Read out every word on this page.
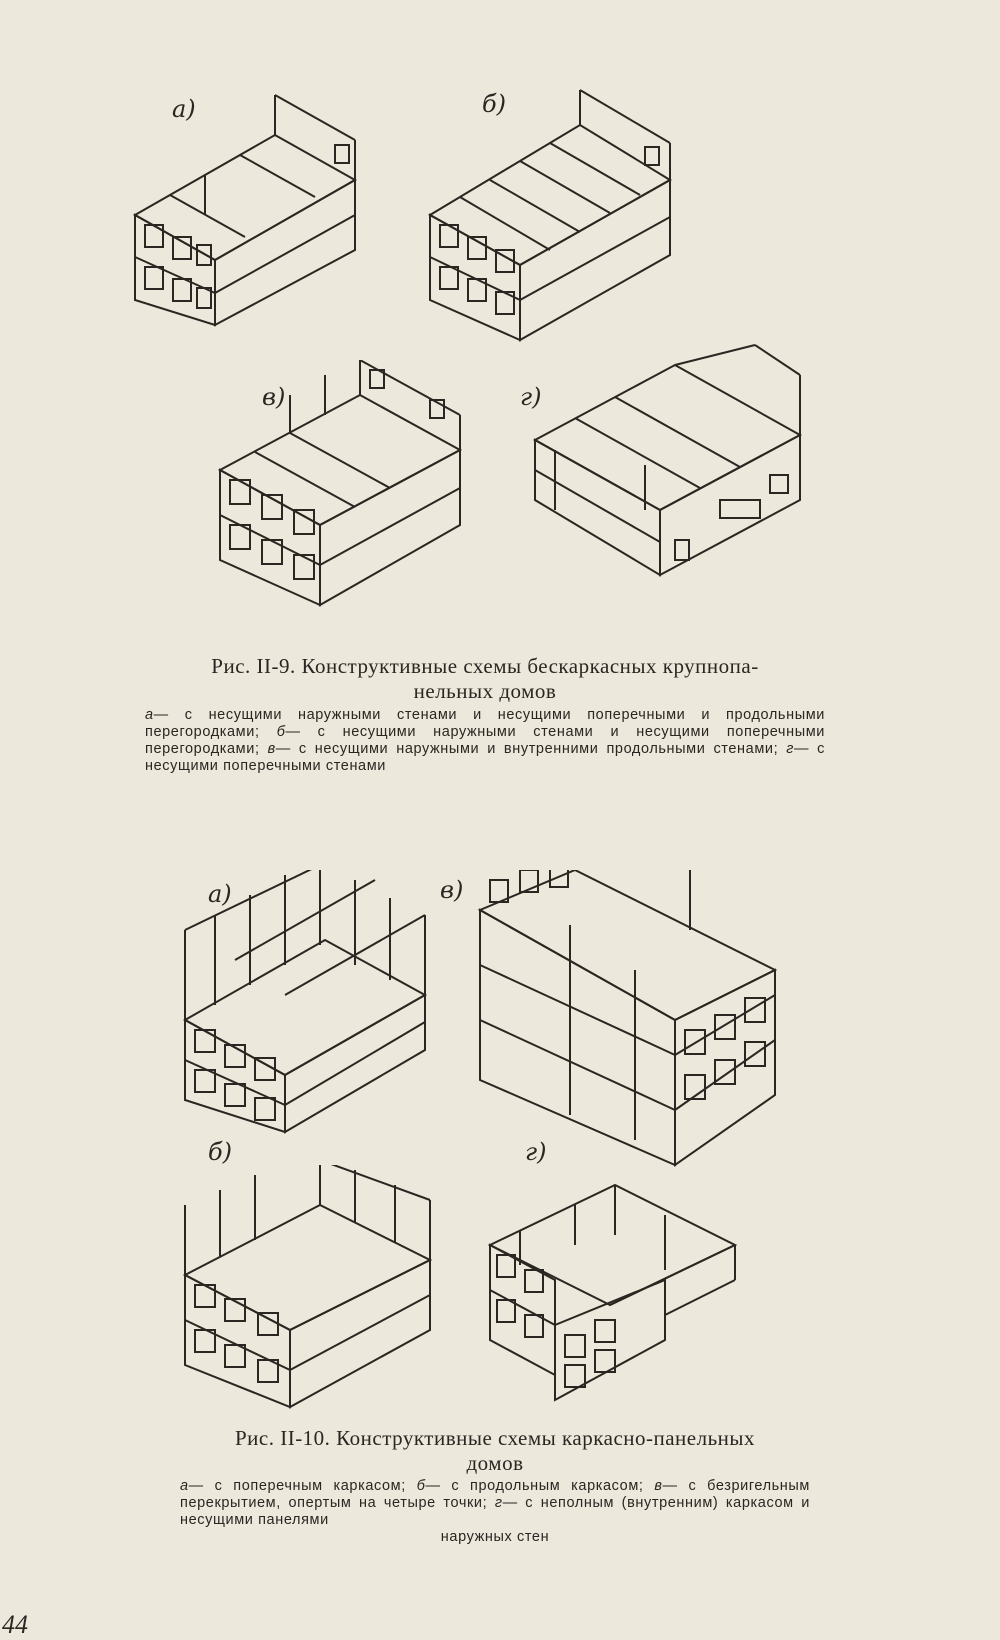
а)	б)
в)	г)
Рис. II-9. Конструктивные схемы бескаркасных крупнопа-
нельных домов

а— с несущими наружными стенами и несущими поперечными и продольными перегородками; б— с несущими наружными стенами и несущими поперечными перегородками; в— с несущими наружными и внутренними продольными стенами; г— с несущими поперечными стенами

а)	в)
б)	г)
Рис. II-10. Конструктивные схемы каркасно-панельных
домов

а— с поперечным каркасом; б— с продольным каркасом; в— с безригельным перекрытием, опертым на четыре точки; г— с неполным (внутренним) каркасом и несущими панелями

наружных стен

44
